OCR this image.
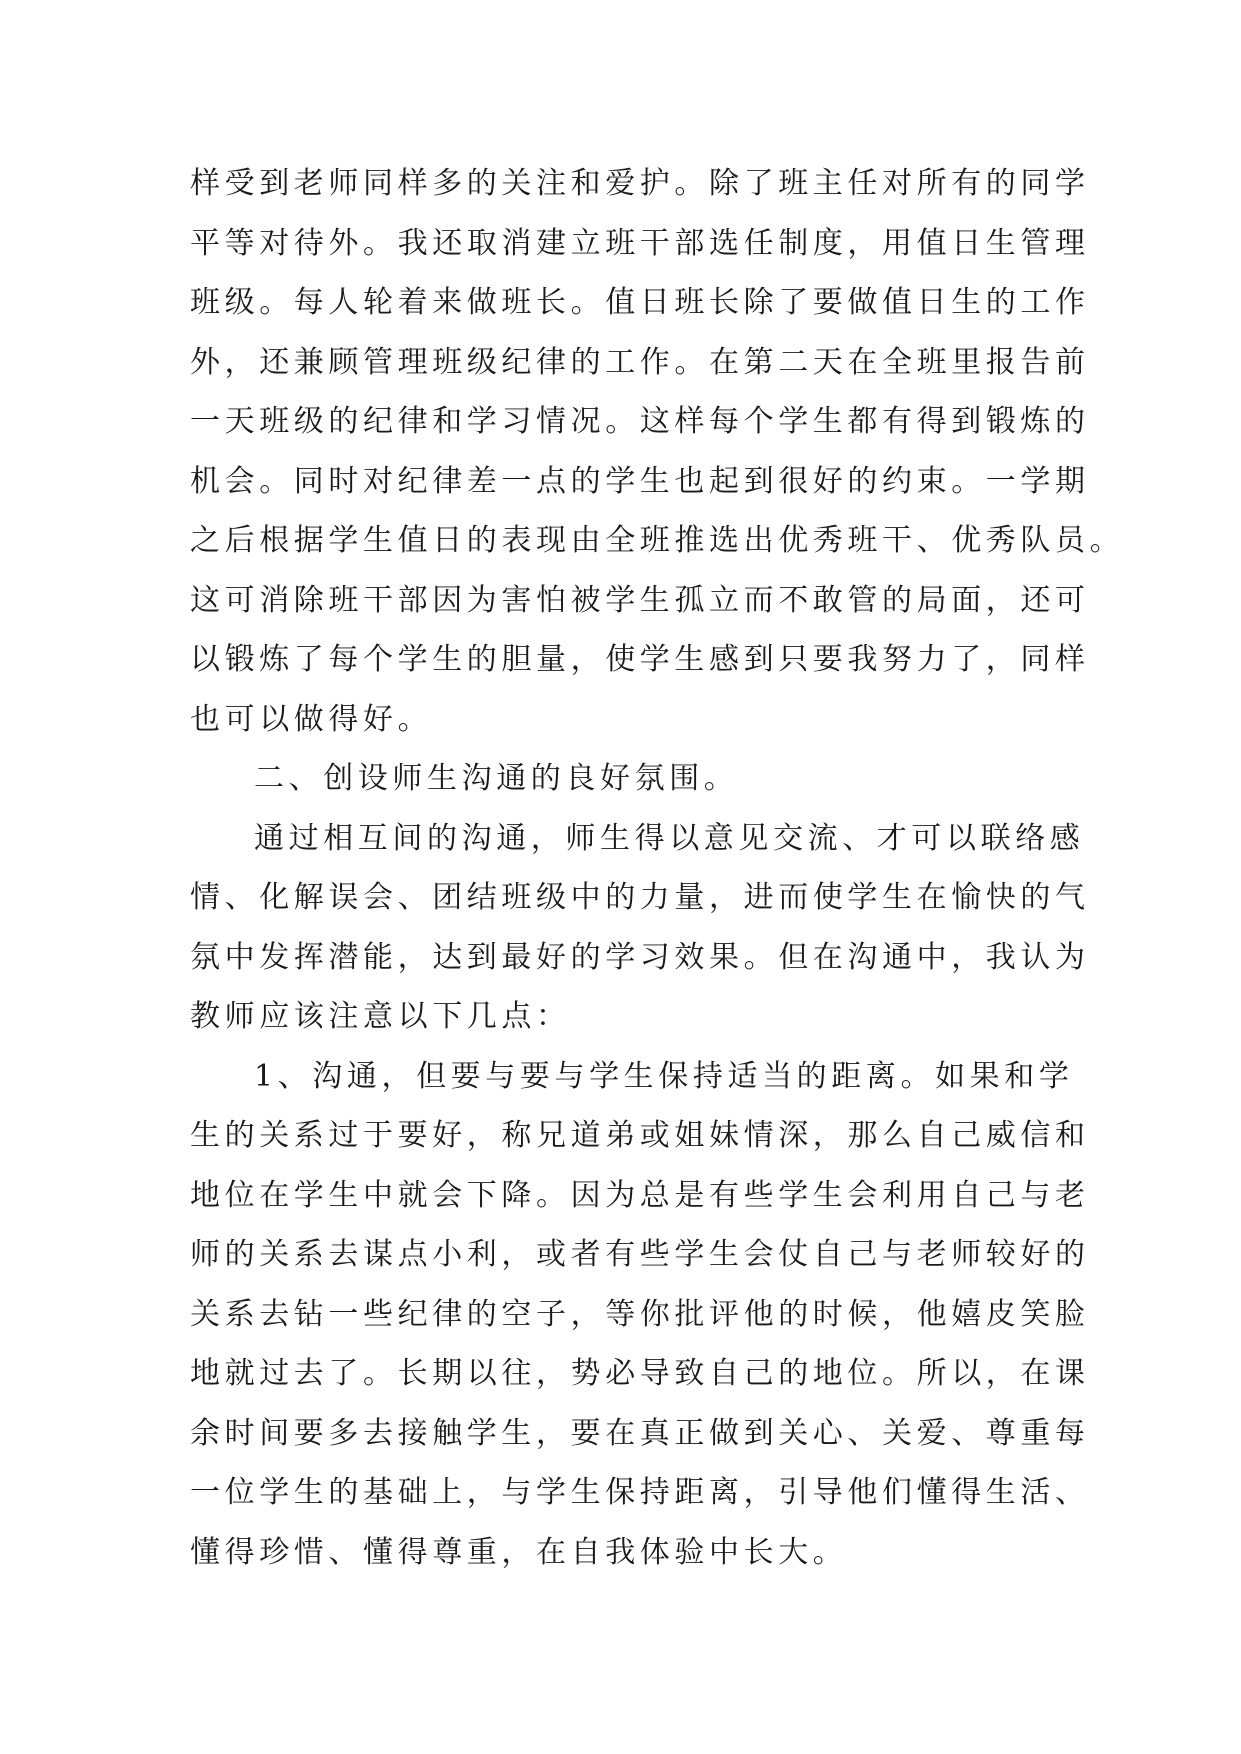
样受到老师同样多的关注和爱护。除了班主任对所有的同学
平等对待外。我还取消建立班干部选任制度，用值日生管理
班级。每人轮着来做班长。值日班长除了要做值日生的工作
外，还兼顾管理班级纪律的工作。在第二天在全班里报告前
一天班级的纪律和学习情况。这样每个学生都有得到锻炼的
机会。同时对纪律差一点的学生也起到很好的约束。一学期
之后根据学生值日的表现由全班推选出优秀班干、优秀队员。
这可消除班干部因为害怕被学生孤立而不敢管的局面，还可
以锻炼了每个学生的胆量，使学生感到只要我努力了，同样
也可以做得好。
二、创设师生沟通的良好氛围。
通过相互间的沟通，师生得以意见交流、才可以联络感
情、化解误会、团结班级中的力量，进而使学生在愉快的气
氛中发挥潜能，达到最好的学习效果。但在沟通中，我认为
教师应该注意以下几点：
1、沟通，但要与要与学生保持适当的距离。如果和学
生的关系过于要好，称兄道弟或姐妹情深，那么自己威信和
地位在学生中就会下降。因为总是有些学生会利用自己与老
师的关系去谋点小利，或者有些学生会仗自己与老师较好的
关系去钻一些纪律的空子，等你批评他的时候，他嬉皮笑脸
地就过去了。长期以往，势必导致自己的地位。所以，在课
余时间要多去接触学生，要在真正做到关心、关爱、尊重每
一位学生的基础上，与学生保持距离，引导他们懂得生活、
懂得珍惜、懂得尊重，在自我体验中长大。
